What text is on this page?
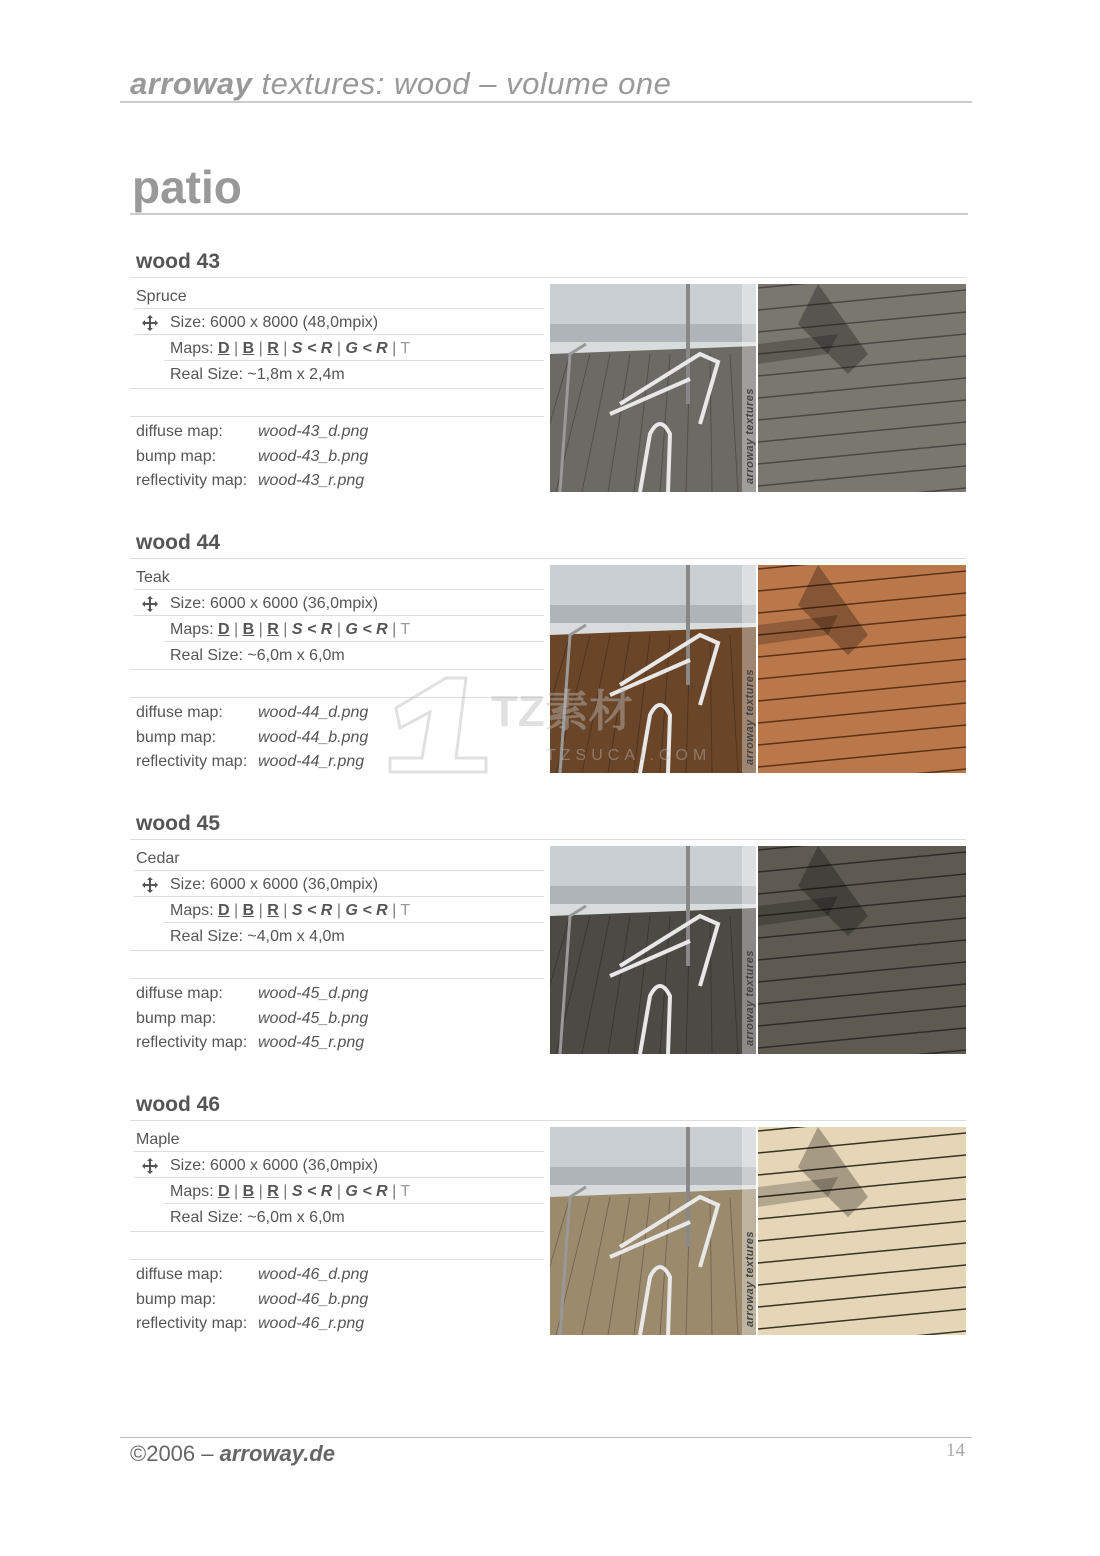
arroway textures: wood – volume one
patio
wood 43
Spruce
Size: 6000 x 8000 (48,0mpix)
Maps: D | B | R | S < R | G < R | T
Real Size: ~1,8m x 2,4m
diffuse map: wood-43_d.png
bump map:	wood-43_b.png
reflectivity map: wood-43_r.png	arroway textures
wood 44
Teak
Size: 6000 x 6000 (36,0mpix)
Maps: D | B | R | S < R | G < R | T
Real Size: ~6,0m x 6,0m
diffuse map: wood-44_d.png
bump map:	wood-44_b.png
reflectivity map: wood-44_r.png	arroway textures
wood 45
Cedar
Size: 6000 x 6000 (36,0mpix)
Maps: D | B | R | S < R | G < R | T
Real Size: ~4,0m x 4,0m
diffuse map: wood-45_d.png
bump map:	wood-45_b.png
reflectivity map: wood-45_r.png	arroway textures
wood 46
Maple
Size: 6000 x 6000 (36,0mpix)
Maps: D | B | R | S < R | G < R | T
Real Size: ~6,0m x 6,0m
diffuse map: wood-46_d.png
bump map:	wood-46_b.png
reflectivity map: wood-46_r.png	arroway textures
TZ素材
TZSUCAI.COM
©2006 – arroway.de	14
